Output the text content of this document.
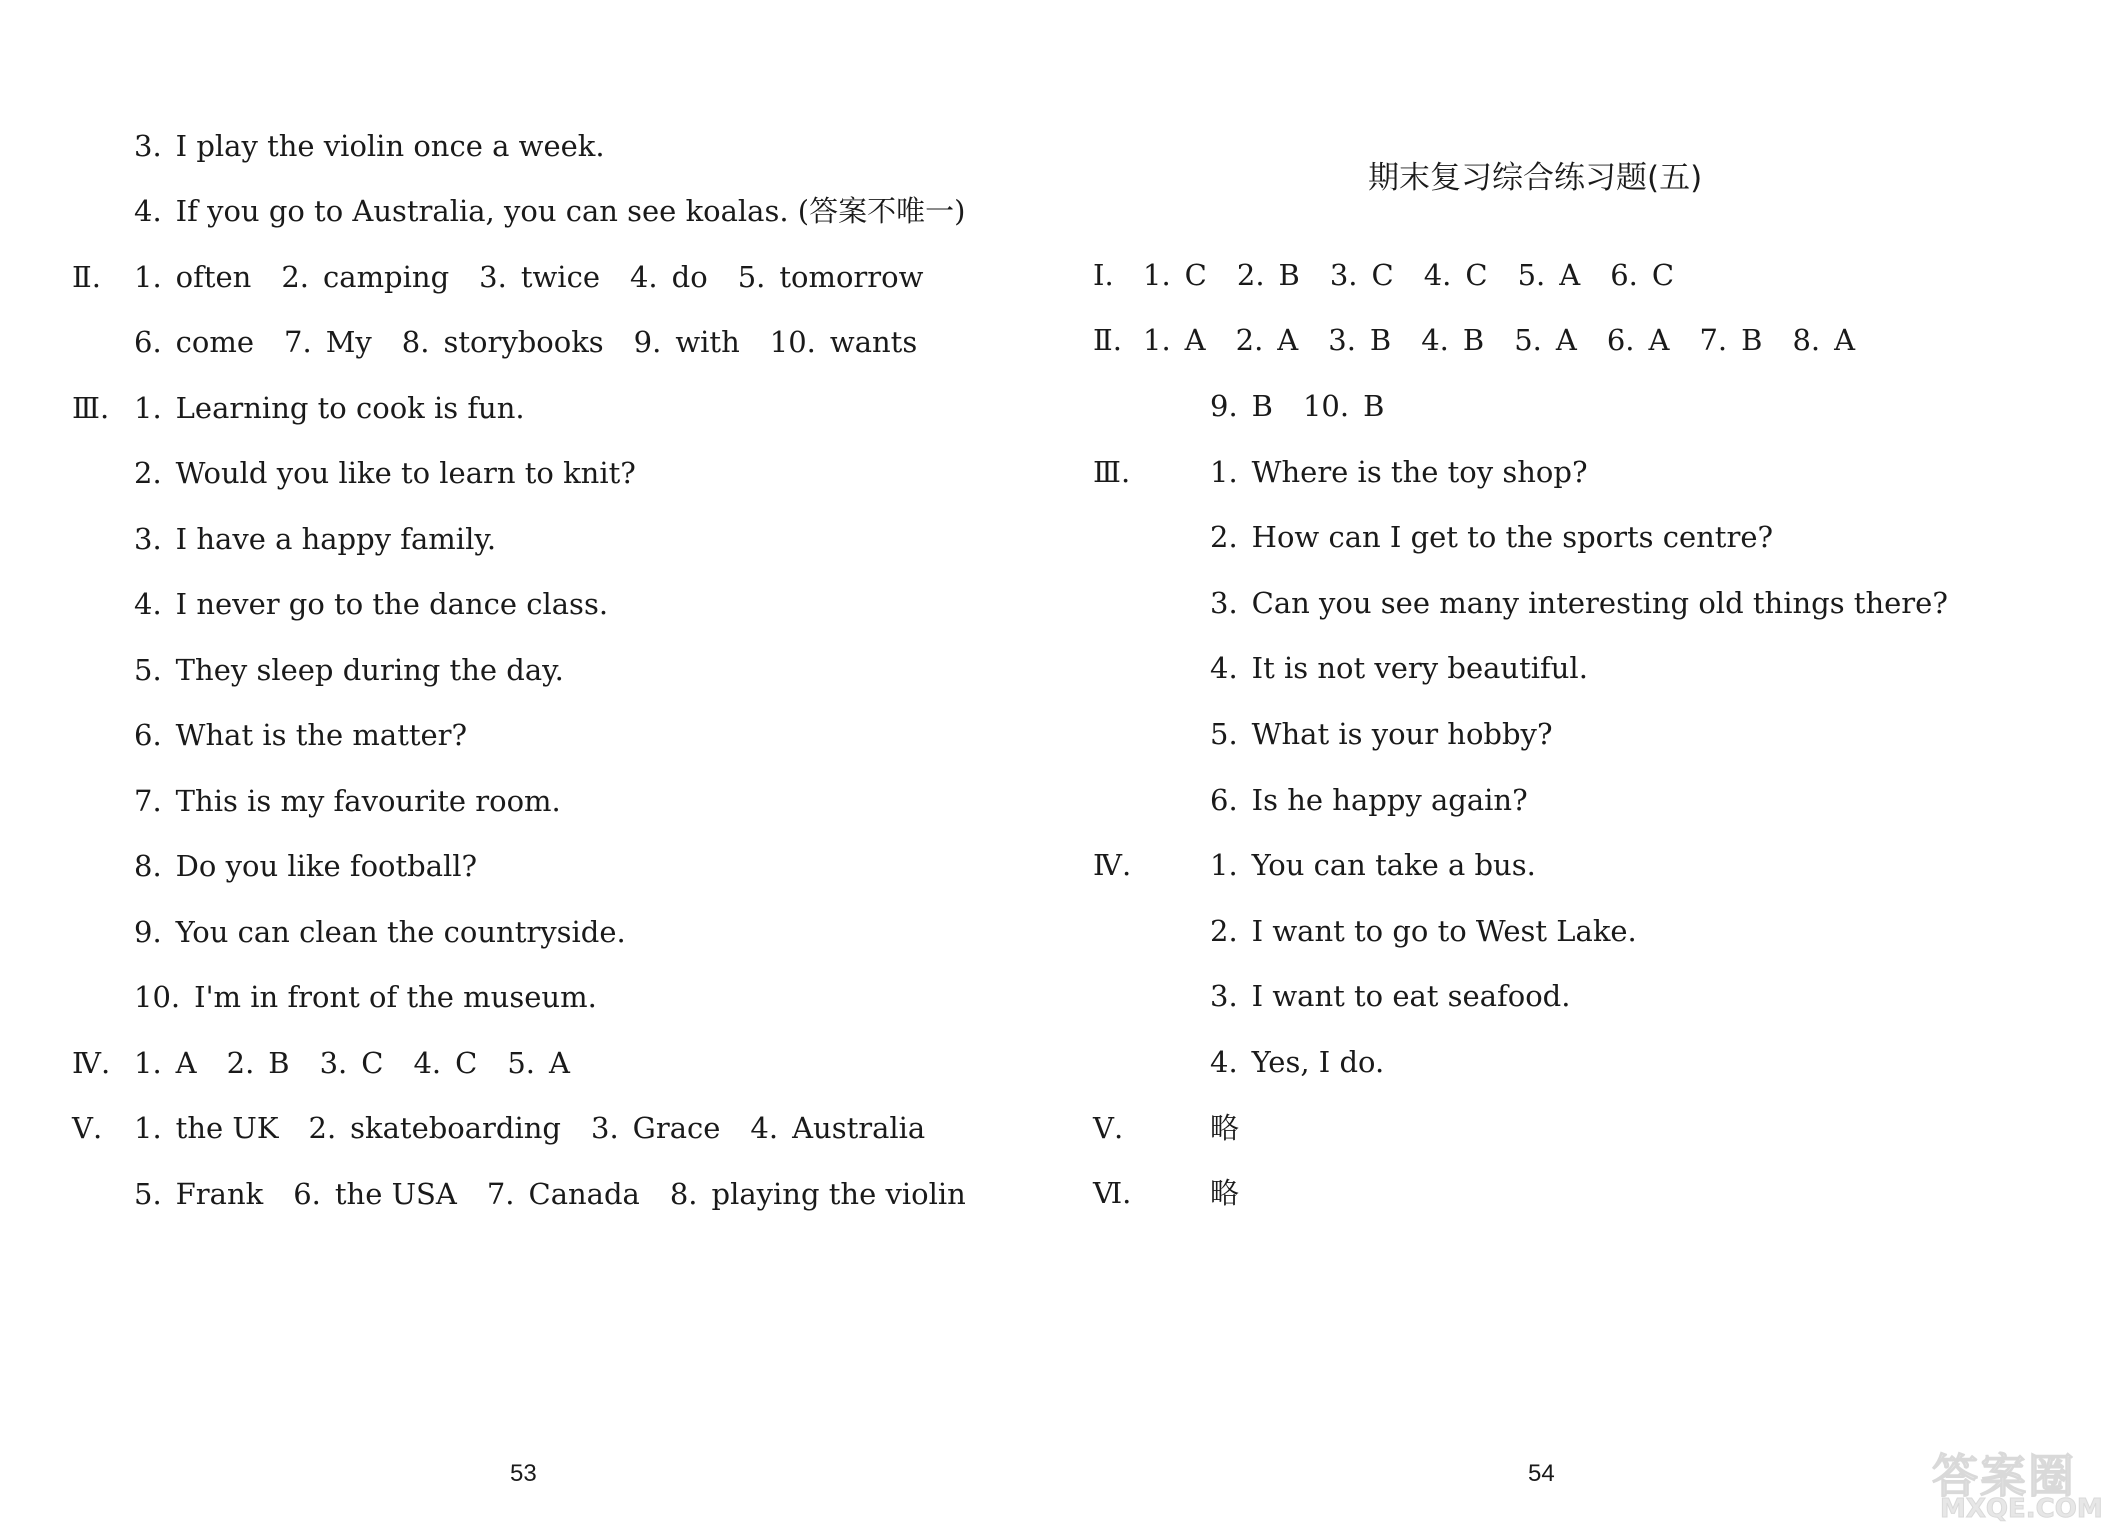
3. I play the violin once a week.
4. If you go to Australia, you can see koalas. (答案不唯一)
Ⅱ. 1. often 2. camping 3. twice 4. do 5. tomorrow
6. come 7. My 8. storybooks 9. with 10. wants
Ⅲ. 1. Learning to cook is fun.
2. Would you like to learn to knit?
3. I have a happy family.
4. I never go to the dance class.
5. They sleep during the day.
6. What is the matter?
7. This is my favourite room.
8. Do you like football?
9. You can clean the countryside.
10. I'm in front of the museum.
Ⅳ. 1. A 2. B 3. C 4. C 5. A
Ⅴ. 1. the UK 2. skateboarding 3. Grace 4. Australia
5. Frank 6. the USA 7. Canada 8. playing the violin
53
期末复习综合练习题(五)
Ⅰ. 1. C 2. B 3. C 4. C 5. A 6. C
Ⅱ. 1. A 2. A 3. B 4. B 5. A 6. A 7. B 8. A
9. B 10. B
Ⅲ.	1. Where is the toy shop?
2. How can I get to the sports centre?
3. Can you see many interesting old things there?
4. It is not very beautiful.
5. What is your hobby?
6. Is he happy again?
Ⅳ.	1. You can take a bus.
2. I want to go to West Lake.
3. I want to eat seafood.
4. Yes, I do.
Ⅴ.	略
Ⅵ.	略
54	答案圈
MXQE.COM
